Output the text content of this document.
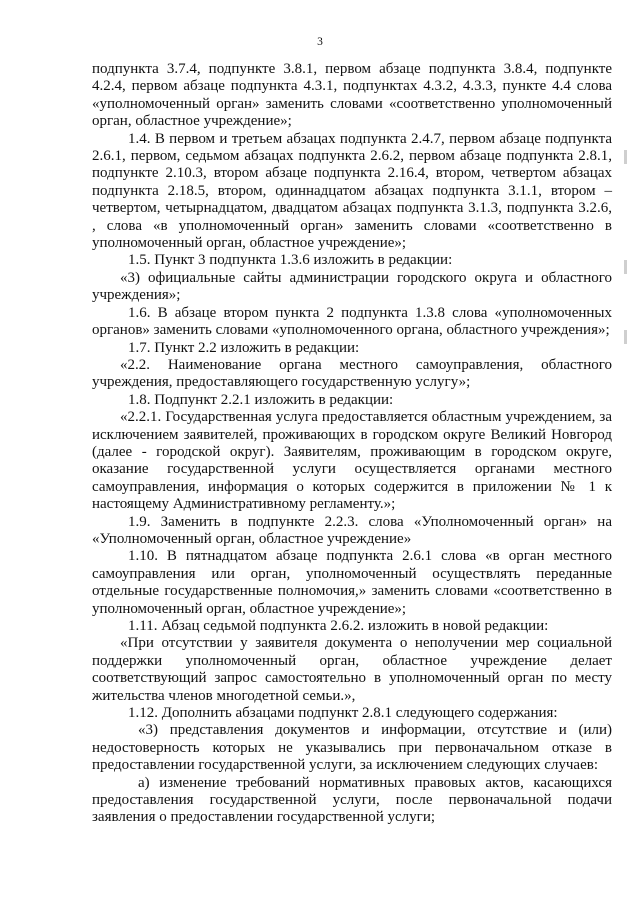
3

подпункта 3.7.4, подпункте 3.8.1, первом абзаце подпункта 3.8.4, подпункте 4.2.4, первом абзаце подпункта 4.3.1, подпунктах 4.3.2, 4.3.3, пункте 4.4 слова «уполномоченный орган» заменить словами «соответственно уполномоченный орган, областное учреждение»;

1.4. В первом и третьем абзацах подпункта 2.4.7, первом абзаце подпункта 2.6.1, первом, седьмом абзацах подпункта 2.6.2, первом абзаце подпункта 2.8.1, подпункте 2.10.3, втором абзаце подпункта 2.16.4, втором, четвертом абзацах подпункта 2.18.5, втором, одиннадцатом абзацах подпункта 3.1.1, втором – четвертом, четырнадцатом, двадцатом абзацах подпункта 3.1.3, подпункта 3.2.6, , слова «в уполномоченный орган» заменить словами «соответственно в уполномоченный орган, областное учреждение»;

1.5. Пункт 3 подпункта 1.3.6 изложить в редакции:

«3) официальные сайты администрации городского округа и областного учреждения»;

1.6. В абзаце втором пункта 2 подпункта 1.3.8 слова «уполномоченных органов» заменить словами «уполномоченного органа, областного учреждения»;

1.7. Пункт 2.2 изложить в редакции:

«2.2. Наименование органа местного самоуправления, областного учреждения, предоставляющего государственную услугу»;

1.8. Подпункт 2.2.1 изложить в редакции:

«2.2.1. Государственная услуга предоставляется областным учреждением, за исключением заявителей, проживающих в городском округе Великий Новгород (далее - городской округ). Заявителям, проживающим в городском округе, оказание государственной услуги осуществляется органами местного самоуправления, информация о которых содержится в приложении № 1 к настоящему Административному регламенту.»;

1.9. Заменить в подпункте 2.2.3. слова «Уполномоченный орган» на «Уполномоченный орган, областное учреждение»

1.10. В пятнадцатом абзаце подпункта 2.6.1 слова «в орган местного самоуправления или орган, уполномоченный осуществлять переданные отдельные государственные полномочия,» заменить словами «соответственно в уполномоченный орган, областное учреждение»;

1.11. Абзац седьмой подпункта 2.6.2. изложить в новой редакции:

«При отсутствии у заявителя документа о неполучении мер социальной поддержки уполномоченный орган, областное учреждение делает соответствующий запрос самостоятельно в уполномоченный орган по месту жительства членов многодетной семьи.»,

1.12. Дополнить абзацами подпункт 2.8.1 следующего содержания:

«3) представления документов и информации, отсутствие и (или) недостоверность которых не указывались при первоначальном отказе в предоставлении государственной услуги, за исключением следующих случаев:

а) изменение требований нормативных правовых актов, касающихся предоставления государственной услуги, после первоначальной подачи заявления о предоставлении государственной услуги;
